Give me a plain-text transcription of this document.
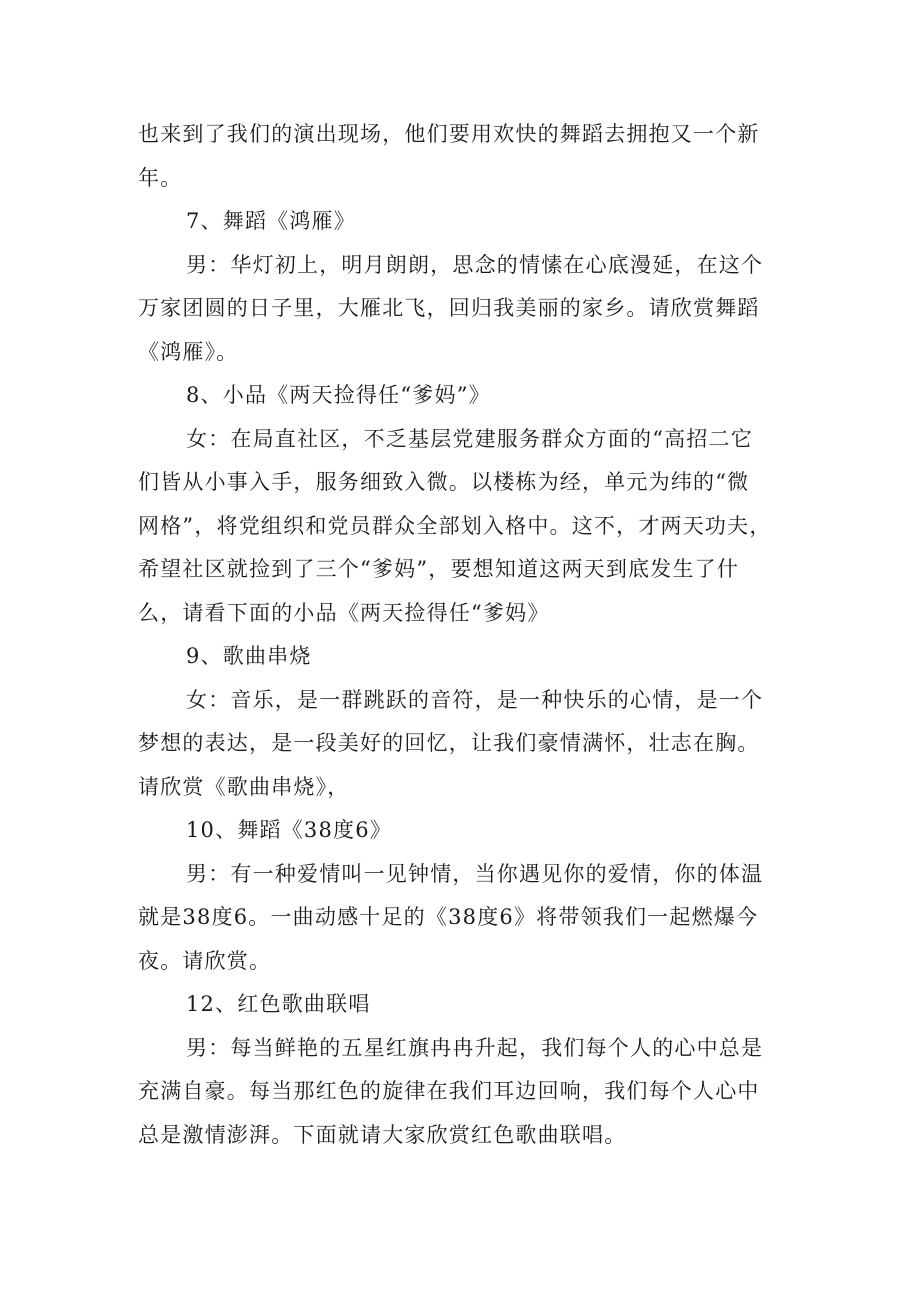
也来到了我们的演出现场，他们要用欢快的舞蹈去拥抱又一个新
年。
7、舞蹈《鸿雁》
男：华灯初上，明月朗朗，思念的情愫在心底漫延，在这个
万家团圆的日子里，大雁北飞，回归我美丽的家乡。请欣赏舞蹈
《鸿雁》。
8、小品《两天捡得任“爹妈”》
女：在局直社区，不乏基层党建服务群众方面的“高招二它
们皆从小事入手，服务细致入微。以楼栋为经，单元为纬的“微
网格”，将党组织和党员群众全部划入格中。这不，才两天功夫，
希望社区就捡到了三个“爹妈”，要想知道这两天到底发生了什
么，请看下面的小品《两天捡得任“爹妈》
9、歌曲串烧
女：音乐，是一群跳跃的音符，是一种快乐的心情，是一个
梦想的表达，是一段美好的回忆，让我们豪情满怀，壮志在胸。
请欣赏《歌曲串烧》，
10、舞蹈《38度6》
男：有一种爱情叫一见钟情，当你遇见你的爱情，你的体温
就是38度6。一曲动感十足的《38度6》将带领我们一起燃爆今
夜。请欣赏。
12、红色歌曲联唱
男：每当鲜艳的五星红旗冉冉升起，我们每个人的心中总是
充满自豪。每当那红色的旋律在我们耳边回响，我们每个人心中
总是激情澎湃。下面就请大家欣赏红色歌曲联唱。
